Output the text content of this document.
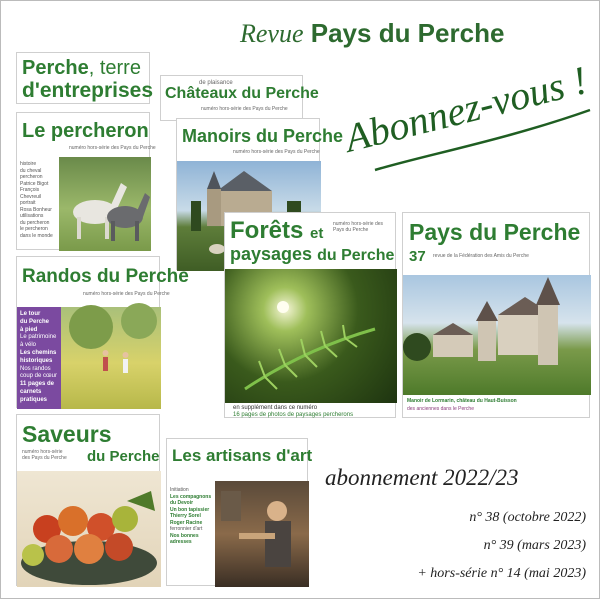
Revue Pays du Perche
Abonnez-vous !
Perche, terre
d'entreprises	de plaisance
Châteaux du Perche
numéro hors-série des Pays du Perche
Le percheron
numéro hors-série des Pays du Perche
histoire
du cheval percheron
Patrice Bigot
François Chevreuil
portrait
Rosa Bonheur
utilisations
du percheron
le percheron
dans le monde
Manoirs du Perche
numéro hors-série des Pays du Perche
Randos du Perche
numéro hors-série des Pays du Perche
Le tour
du Perche
à pied
Le patrimoine
à vélo
Les chemins
historiques
Nos randos
coup de cœur
11 pages de
carnets pratiques
Forêts et
paysages du Perche
numéro hors-série des Pays du Perche
en supplément dans ce numéro
16 pages de photos de paysages percherons
Pays du Perche
37 revue de la Fédération des Amis du Perche
Manoir de Lormarin, château du Haut-Buisson
des anciennes dans le Perche
Saveurs
du Perche
numéro hors-série des Pays du Perche	Les artisans d'art
Initiation
Les compagnons
du Devoir
Un bon tapissier
Thierry Sorel
Roger Racine
ferronnier d'art
Nos bonnes
adresses
abonnement 2022/23
n° 38 (octobre 2022)
n° 39 (mars 2023)
+ hors-série n° 14 (mai 2023)
